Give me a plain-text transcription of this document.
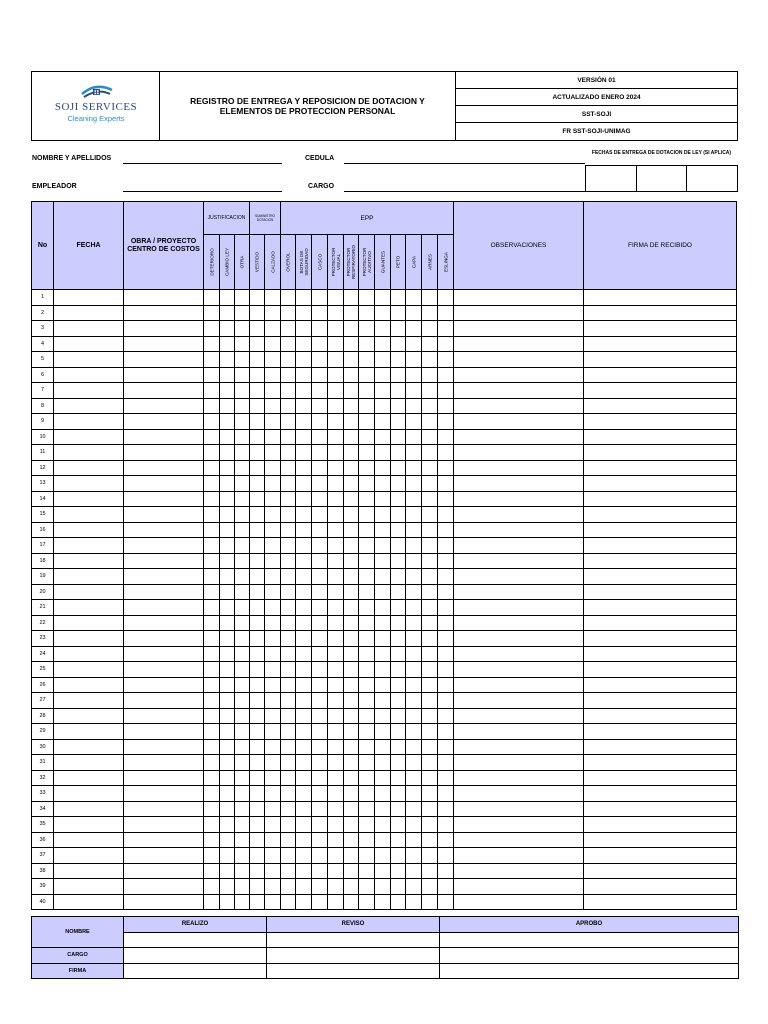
SOJI SERVICES
Cleaning Experts
REGISTRO DE ENTREGA Y REPOSICION DE DOTACION Y ELEMENTOS DE PROTECCION PERSONAL
VERSIÓN 01
ACTUALIZADO ENERO 2024
SST-SOJI
FR SST-SOJI-UNIMAG
NOMBRE Y APELLIDOS	CEDULA
EMPLEADOR	CARGO
FECHAS DE ENTREGA DE DOTACION DE LEY (SI APLICA)
No	FECHA	OBRA / PROYECTO CENTRO DE COSTOS	JUSTIFICACION			SUMINISTRO DOTACION		EPP											OBSERVACIONES	FIRMA DE RECIBIDO

			DETERIORO	CAMBIO LEY	OTRA	VESTIDO	CALZADO	OVEROL	BOTAS DE SEGURIDAD	CASCO	PROTECTOR VISUAL	PROTECTOR RESPIRATORIO	PROTECTOR AUDITIVO	GUANTES	PETO	CAPA	ARNES	ESLINGA		

1																				
2																				
3																				
4																				
5																				
6																				
7																				
8																				
9																				
10																				
11																				
12																				
13																				
14																				
15																				
16																				
17																				
18																				
19																				
20																				
21																				
22																				
23																				
24																				
25																				
26																				
27																				
28																				
29																				
30																				
31																				
32																				
33																				
34																				
35																				
36																				
37																				
38																				
39																				
40																				
NOMBRE	REALIZO	REVISO	APROBO

CARGO			
FIRMA			
